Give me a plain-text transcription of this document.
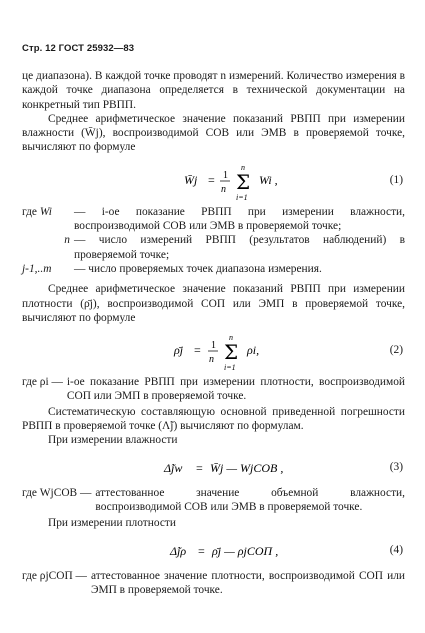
Стр. 12 ГОСТ 25932—83

це диапазона). В каждой точке проводят n измерений. Количество измерения в каждой точке диапазона определяется в технической документации на конкретный тип РВПП.

Среднее арифметическое значение показаний РВПП при измерении влажности (W̄j), воспроизводимой СОВ или ЭМВ в проверяемой точке, вычисляют по формуле

W̄j = 1
n Σ
n
i=1
Wi ,	(1)
где Wi	— i-ое показание РВПП при измерении влажности, воспроизводимой СОВ или ЭМВ в проверяемой точке;
n — число измерений РВПП (результатов наблюдений) в проверяемой точке;
j-1,..m	— число проверяемых точек диапазона измерения.

Среднее арифметическое значение показаний РВПП при измерении плотности (ρ̄j), воспроизводимой СОП или ЭМП в проверяемой точке, вычисляют по формуле

ρ̄j = 1
n Σ
n
i=1
ρi,	(2)
где ρi — i-ое показание РВПП при измерении плотности, воспроизводимой СОП или ЭМП в проверяемой точке.

Систематическую составляющую основной приведенной погрешности РВПП в проверяемой точке (Λ̃j) вычисляют по формулам.

При измерении влажности

Δ̃jw = W̄j — WjСОВ ,	(3)
где WjСОВ — аттестованное значение объемной влажности, воспроизводимой СОВ или ЭМВ в проверяемой точке.

При измерении плотности

Δ̃jρ = ρ̄j — ρjСОП ,	(4)
где ρjСОП — аттестованное значение плотности, воспроизводимой СОП или ЭМП в проверяемой точке.
